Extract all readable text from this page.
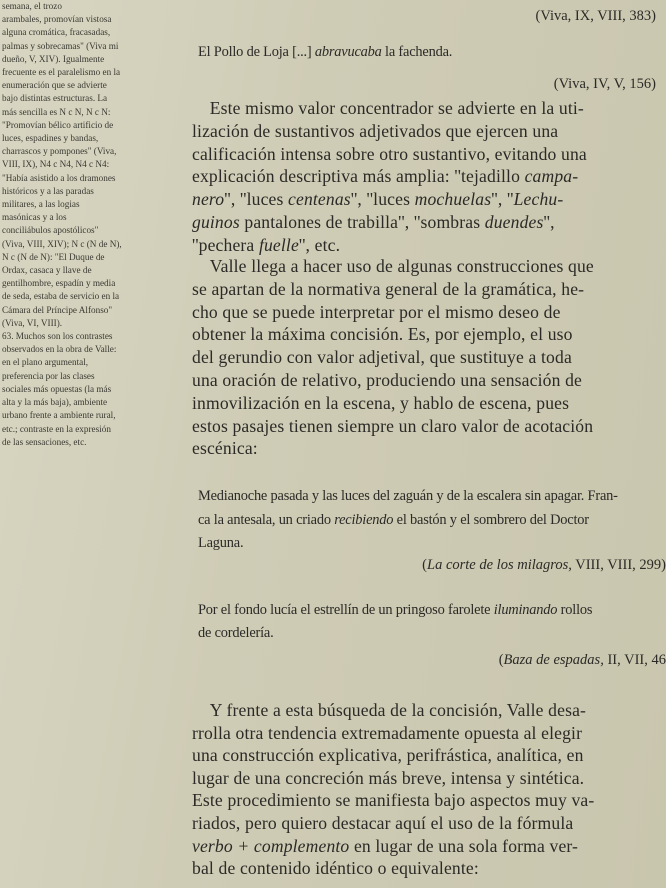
semana, el trozo
arambales, promovían vistosa
alguna cromática, fracasadas,
palmas y sobrecamas" (Viva mi
dueño, V, XIV). Igualmente
frecuente es el paralelismo en la
enumeración que se advierte
bajo distintas estructuras. La
más sencilla es N c N, N c N:
"Promovían bélico artificio de
luces, espadines y bandas,
charrascos y pompones" (Viva,
VIII, IX), N4 c N4, N4 c N4:
"Había asistido a los dramones
históricos y a las paradas
militares, a las logias
masónicas y a los
conciliábulos apostólicos"
(Viva, VIII, XIV); N c (N de N),
N c (N de N): "El Duque de
Ordax, casaca y llave de
gentilhombre, espadín y media
de seda, estaba de servicio en la
Cámara del Príncipe Alfonso"
(Viva, VI, VIII).
63. Muchos son los contrastes
observados en la obra de Valle:
en el plano argumental,
preferencia por las clases
sociales más opuestas (la más
alta y la más baja), ambiente
urbano frente a ambiente rural,
etc.; contraste en la expresión
de las sensaciones, etc.
(Viva, IX, VIII, 383)
El Pollo de Loja [...] abravucaba la fachenda.
(Viva, IV, V, 156)
 Este mismo valor concentrador se advierte en la uti-
lización de sustantivos adjetivados que ejercen una
calificación intensa sobre otro sustantivo, evitando una
explicación descriptiva más amplia: ''tejadillo campa-
nero'', ''luces centenas'', ''luces mochuelas'', ''Lechu-
guinos pantalones de trabilla'', ''sombras duendes'',
''pechera fuelle'', etc.
 Valle llega a hacer uso de algunas construcciones que
se apartan de la normativa general de la gramática, he-
cho que se puede interpretar por el mismo deseo de
obtener la máxima concisión. Es, por ejemplo, el uso
del gerundio con valor adjetival, que sustituye a toda
una oración de relativo, produciendo una sensación de
inmovilización en la escena, y hablo de escena, pues
estos pasajes tienen siempre un claro valor de acotación
escénica:
Medianoche pasada y las luces del zaguán y de la escalera sin apagar. Fran-
ca la antesala, un criado recibiendo el bastón y el sombrero del Doctor
Laguna.
(La corte de los milagros, VIII, VIII, 299)
Por el fondo lucía el estrellín de un pringoso farolete iluminando rollos
de cordelería.
(Baza de espadas, II, VII, 46
 Y frente a esta búsqueda de la concisión, Valle desa-
rrolla otra tendencia extremadamente opuesta al elegir
una construcción explicativa, perifrástica, analítica, en
lugar de una concreción más breve, intensa y sintética.
Este procedimiento se manifiesta bajo aspectos muy va-
riados, pero quiero destacar aquí el uso de la fórmula
verbo + complemento en lugar de una sola forma ver-
bal de contenido idéntico o equivalente:
